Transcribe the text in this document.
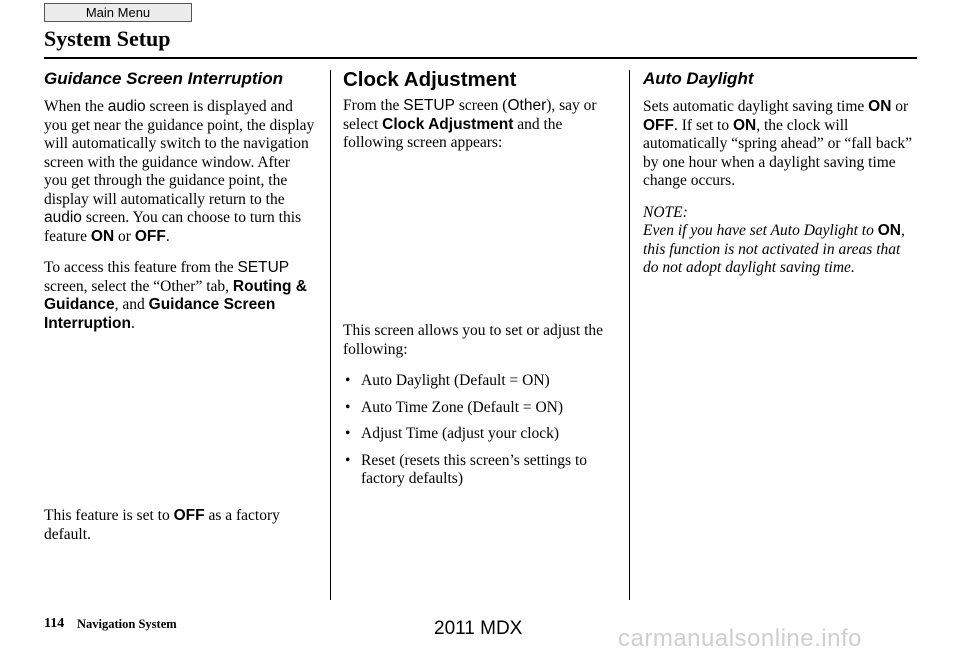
Main Menu
System Setup
Guidance Screen Interruption

When the audio screen is displayed and you get near the guidance point, the display will automatically switch to the navigation screen with the guidance window. After you get through the guidance point, the display will automatically return to the audio screen. You can choose to turn this feature ON or OFF.

To access this feature from the SETUP screen, select the “Other” tab, Routing & Guidance, and Guidance Screen Interruption.

This feature is set to OFF as a factory default.

Clock Adjustment

From the SETUP screen (Other), say or select Clock Adjustment and the following screen appears:

This screen allows you to set or adjust the following:

• Auto Daylight (Default = ON)
• Auto Time Zone (Default = ON)
• Adjust Time (adjust your clock)
• Reset (resets this screen’s settings to factory defaults)
Auto Daylight

Sets automatic daylight saving time ON or OFF. If set to ON, the clock will automatically “spring ahead” or “fall back” by one hour when a daylight saving time change occurs.

NOTE:

Even if you have set Auto Daylight to ON, this function is not activated in areas that do not adopt daylight saving time.

114 Navigation System	2011 MDX	carmanualsonline.info
